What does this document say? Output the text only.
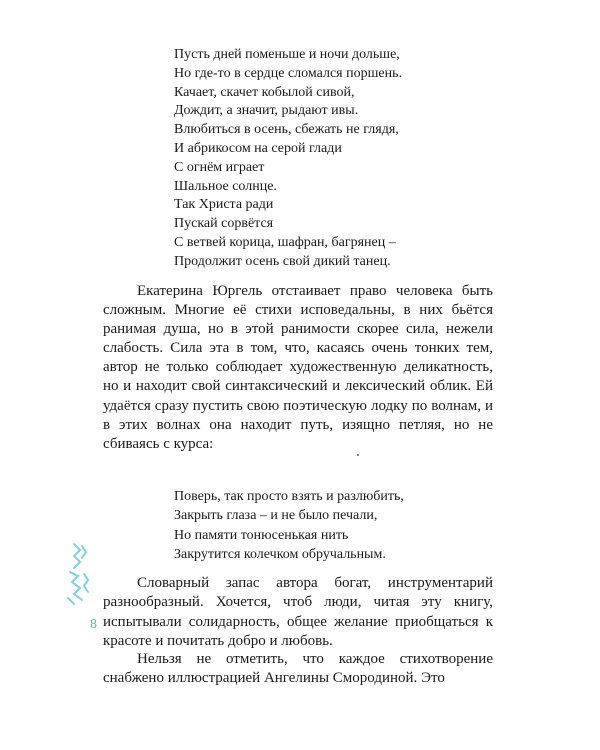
Пусть дней поменьше и ночи дольше,
Но где-то в сердце сломался поршень.
Качает, скачет кобылой сивой,
Дождит, а значит, рыдают ивы.
Влюбиться в осень, сбежать не глядя,
И абрикосом на серой глади
С огнём играет
Шальное солнце.
Так Христа ради
Пускай сорвётся
С ветвей корица, шафран, багрянец –
Продолжит осень свой дикий танец.

Екатерина Юргель отстаивает право человека быть сложным. Многие её стихи исповедальны, в них бьётся ранимая душа, но в этой ранимости скорее сила, нежели слабость. Сила эта в том, что, касаясь очень тонких тем, автор не только соблюдает художественную деликатность, но и находит свой синтаксический и лексический облик. Ей удаётся сразу пустить свою поэтическую лодку по волнам, и в этих волнах она находит путь, изящно петляя, но не сбиваясь с курса:

Поверь, так просто взять и разлюбить,
Закрыть глаза – и не было печали,
Но памяти тонюсенькая нить
Закрутится колечком обручальным.
8

Словарный запас автора богат, инструментарий разнообразный. Хочется, чтоб люди, читая эту книгу, испытывали солидарность, общее желание приобщаться к красоте и почитать добро и любовь.

Нельзя не отметить, что каждое стихотворение снабжено иллюстрацией Ангелины Смородиной. Это
